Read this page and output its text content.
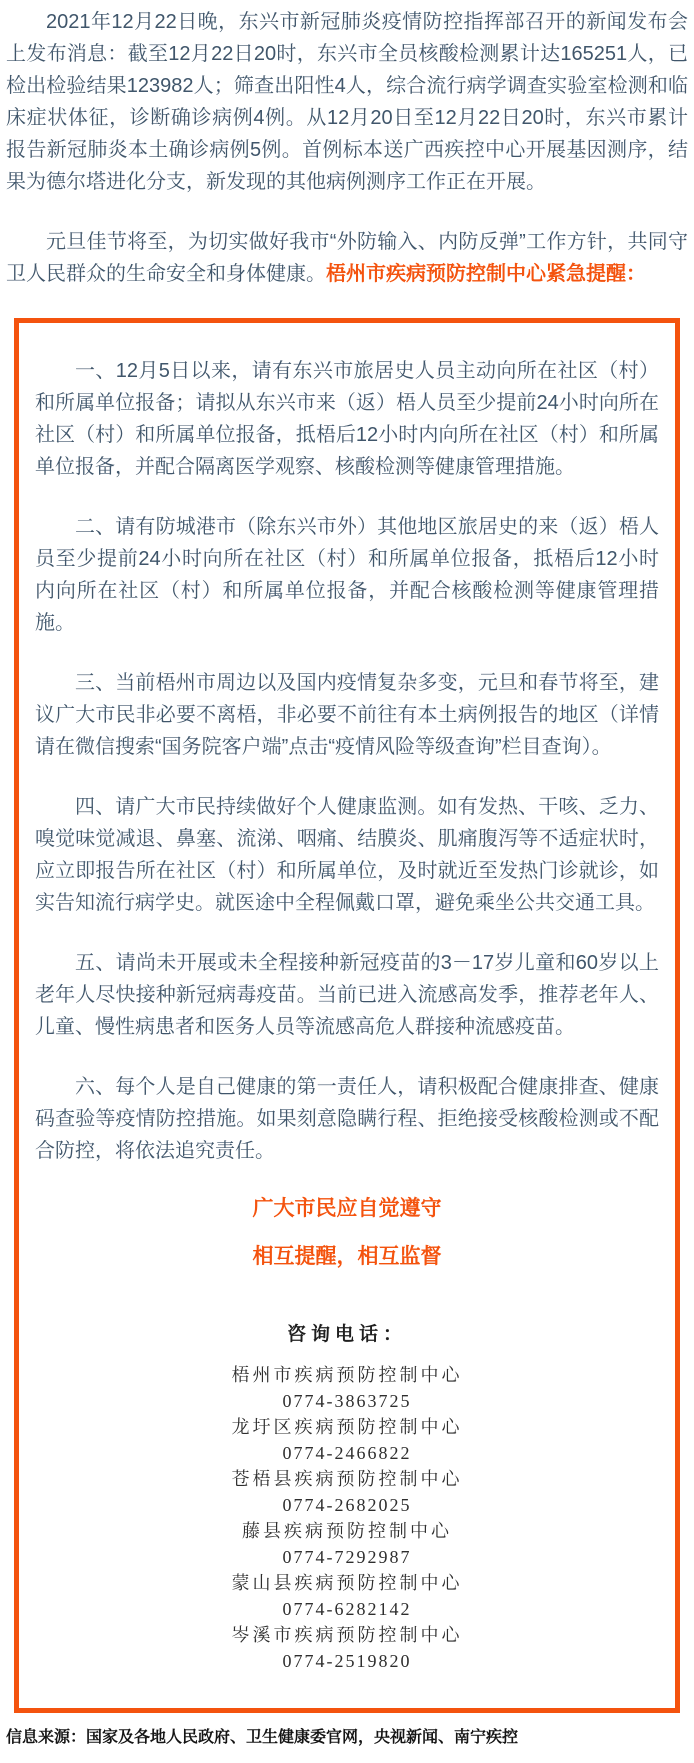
2021年12月22日晚，东兴市新冠肺炎疫情防控指挥部召开的新闻发布会上发布消息：截至12月22日20时，东兴市全员核酸检测累计达165251人，已检出检验结果123982人；筛查出阳性4人，综合流行病学调查实验室检测和临床症状体征，诊断确诊病例4例。从12月20日至12月22日20时，东兴市累计报告新冠肺炎本土确诊病例5例。首例标本送广西疾控中心开展基因测序，结果为德尔塔进化分支，新发现的其他病例测序工作正在开展。

元旦佳节将至，为切实做好我市“外防输入、内防反弹”工作方针，共同守卫人民群众的生命安全和身体健康。梧州市疾病预防控制中心紧急提醒：

一、12月5日以来，请有东兴市旅居史人员主动向所在社区（村）和所属单位报备；请拟从东兴市来（返）梧人员至少提前24小时向所在社区（村）和所属单位报备，抵梧后12小时内向所在社区（村）和所属单位报备，并配合隔离医学观察、核酸检测等健康管理措施。

二、请有防城港市（除东兴市外）其他地区旅居史的来（返）梧人员至少提前24小时向所在社区（村）和所属单位报备，抵梧后12小时内向所在社区（村）和所属单位报备，并配合核酸检测等健康管理措施。

三、当前梧州市周边以及国内疫情复杂多变，元旦和春节将至，建议广大市民非必要不离梧，非必要不前往有本土病例报告的地区（详情请在微信搜索“国务院客户端”点击“疫情风险等级查询”栏目查询）。

四、请广大市民持续做好个人健康监测。如有发热、干咳、乏力、嗅觉味觉减退、鼻塞、流涕、咽痛、结膜炎、肌痛腹泻等不适症状时，应立即报告所在社区（村）和所属单位，及时就近至发热门诊就诊，如实告知流行病学史。就医途中全程佩戴口罩，避免乘坐公共交通工具。

五、请尚未开展或未全程接种新冠疫苗的3－17岁儿童和60岁以上老年人尽快接种新冠病毒疫苗。当前已进入流感高发季，推荐老年人、儿童、慢性病患者和医务人员等流感高危人群接种流感疫苗。

六、每个人是自己健康的第一责任人，请积极配合健康排查、健康码查验等疫情防控措施。如果刻意隐瞒行程、拒绝接受核酸检测或不配合防控，将依法追究责任。

广大市民应自觉遵守

相互提醒，相互监督

咨询电话：

梧州市疾病预防控制中心

0774-3863725

龙圩区疾病预防控制中心

0774-2466822

苍梧县疾病预防控制中心

0774-2682025

藤县疾病预防控制中心

0774-7292987

蒙山县疾病预防控制中心

0774-6282142

岑溪市疾病预防控制中心

0774-2519820

信息来源：国家及各地人民政府、卫生健康委官网，央视新闻、南宁疾控
